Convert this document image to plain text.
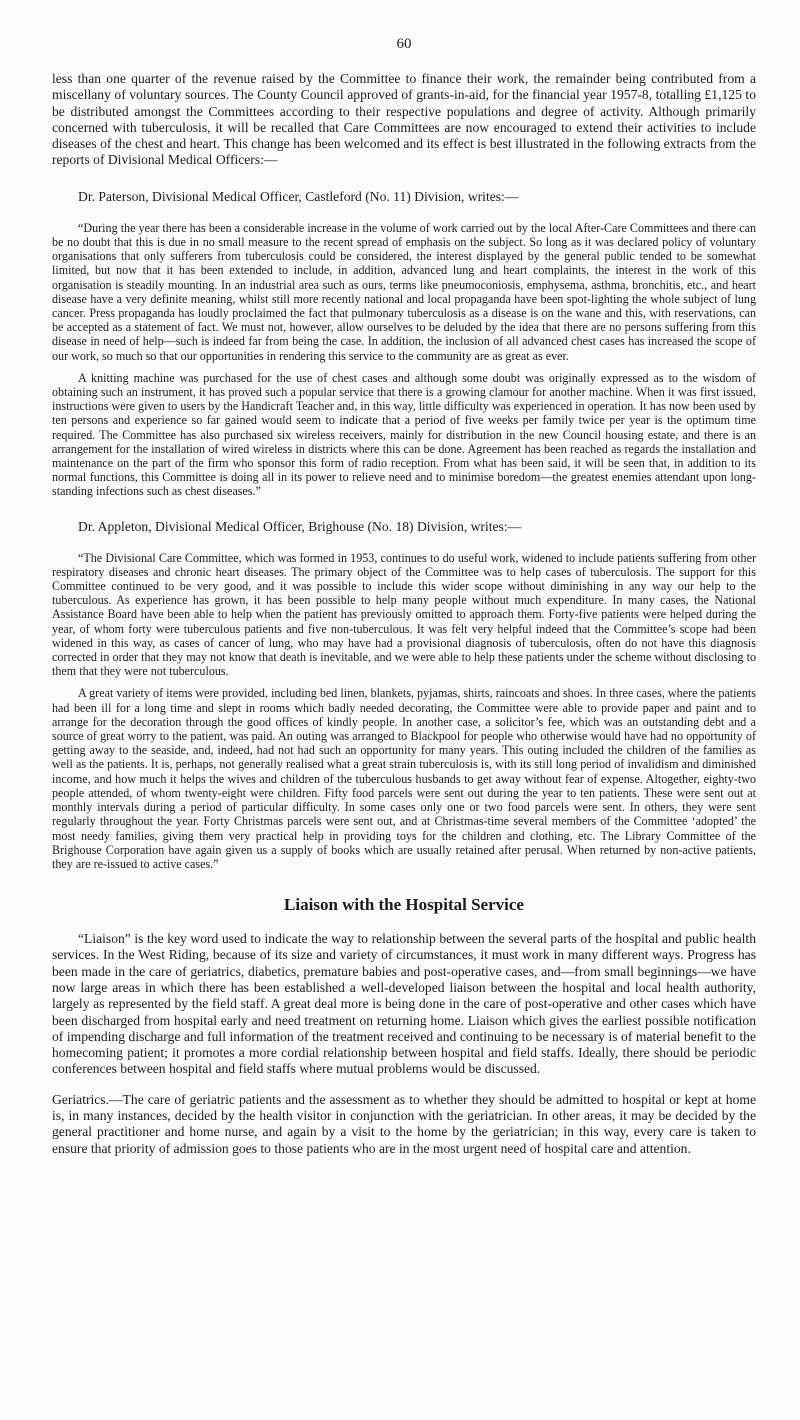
60

less than one quarter of the revenue raised by the Committee to finance their work, the remainder being contributed from a miscellany of voluntary sources. The County Council approved of grants-in-aid, for the financial year 1957-8, totalling £1,125 to be distributed amongst the Committees according to their respective populations and degree of activity. Although primarily concerned with tuberculosis, it will be recalled that Care Committees are now encouraged to extend their activities to include diseases of the chest and heart. This change has been welcomed and its effect is best illustrated in the following extracts from the reports of Divisional Medical Officers:—

Dr. Paterson, Divisional Medical Officer, Castleford (No. 11) Division, writes:—

“During the year there has been a considerable increase in the volume of work carried out by the local After-Care Committees and there can be no doubt that this is due in no small measure to the recent spread of emphasis on the subject. So long as it was declared policy of voluntary organisations that only sufferers from tuberculosis could be considered, the interest displayed by the general public tended to be somewhat limited, but now that it has been extended to include, in addition, advanced lung and heart complaints, the interest in the work of this organisation is steadily mounting. In an industrial area such as ours, terms like pneumoconiosis, emphysema, asthma, bronchitis, etc., and heart disease have a very definite meaning, whilst still more recently national and local propaganda have been spot-lighting the whole subject of lung cancer. Press propaganda has loudly proclaimed the fact that pulmonary tuberculosis as a disease is on the wane and this, with reservations, can be accepted as a statement of fact. We must not, however, allow ourselves to be deluded by the idea that there are no persons suffering from this disease in need of help—such is indeed far from being the case. In addition, the inclusion of all advanced chest cases has increased the scope of our work, so much so that our opportunities in rendering this service to the community are as great as ever.

A knitting machine was purchased for the use of chest cases and although some doubt was originally expressed as to the wisdom of obtaining such an instrument, it has proved such a popular service that there is a growing clamour for another machine. When it was first issued, instructions were given to users by the Handicraft Teacher and, in this way, little difficulty was experienced in operation. It has now been used by ten persons and experience so far gained would seem to indicate that a period of five weeks per family twice per year is the optimum time required. The Committee has also purchased six wireless receivers, mainly for distribution in the new Council housing estate, and there is an arrangement for the installation of wired wireless in districts where this can be done. Agreement has been reached as regards the installation and maintenance on the part of the firm who sponsor this form of radio reception. From what has been said, it will be seen that, in addition to its normal functions, this Committee is doing all in its power to relieve need and to minimise boredom—the greatest enemies attendant upon long-standing infections such as chest diseases.”

Dr. Appleton, Divisional Medical Officer, Brighouse (No. 18) Division, writes:—

“The Divisional Care Committee, which was formed in 1953, continues to do useful work, widened to include patients suffering from other respiratory diseases and chronic heart diseases. The primary object of the Committee was to help cases of tuberculosis. The support for this Committee continued to be very good, and it was possible to include this wider scope without diminishing in any way our help to the tuberculous. As experience has grown, it has been possible to help many people without much expenditure. In many cases, the National Assistance Board have been able to help when the patient has previously omitted to approach them. Forty-five patients were helped during the year, of whom forty were tuberculous patients and five non-tuberculous. It was felt very helpful indeed that the Committee’s scope had been widened in this way, as cases of cancer of lung, who may have had a provisional diagnosis of tuberculosis, often do not have this diagnosis corrected in order that they may not know that death is inevitable, and we were able to help these patients under the scheme without disclosing to them that they were not tuberculous.

A great variety of items were provided, including bed linen, blankets, pyjamas, shirts, raincoats and shoes. In three cases, where the patients had been ill for a long time and slept in rooms which badly needed decorating, the Committee were able to provide paper and paint and to arrange for the decoration through the good offices of kindly people. In another case, a solicitor’s fee, which was an outstanding debt and a source of great worry to the patient, was paid. An outing was arranged to Blackpool for people who otherwise would have had no opportunity of getting away to the seaside, and, indeed, had not had such an opportunity for many years. This outing included the children of the families as well as the patients. It is, perhaps, not generally realised what a great strain tuberculosis is, with its still long period of invalidism and diminished income, and how much it helps the wives and children of the tuberculous husbands to get away without fear of expense. Altogether, eighty-two people attended, of whom twenty-eight were children. Fifty food parcels were sent out during the year to ten patients. These were sent out at monthly intervals during a period of particular difficulty. In some cases only one or two food parcels were sent. In others, they were sent regularly throughout the year. Forty Christmas parcels were sent out, and at Christmas-time several members of the Committee ‘adopted’ the most needy families, giving them very practical help in providing toys for the children and clothing, etc. The Library Committee of the Brighouse Corporation have again given us a supply of books which are usually retained after perusal. When returned by non-active patients, they are re-issued to active cases.”

Liaison with the Hospital Service

“Liaison” is the key word used to indicate the way to relationship between the several parts of the hospital and public health services. In the West Riding, because of its size and variety of circumstances, it must work in many different ways. Progress has been made in the care of geriatrics, diabetics, premature babies and post-operative cases, and—from small beginnings—we have now large areas in which there has been established a well-developed liaison between the hospital and local health authority, largely as represented by the field staff. A great deal more is being done in the care of post-operative and other cases which have been discharged from hospital early and need treatment on returning home. Liaison which gives the earliest possible notification of impending discharge and full information of the treatment received and continuing to be necessary is of material benefit to the homecoming patient; it promotes a more cordial relationship between hospital and field staffs. Ideally, there should be periodic conferences between hospital and field staffs where mutual problems would be discussed.

Geriatrics.—The care of geriatric patients and the assessment as to whether they should be admitted to hospital or kept at home is, in many instances, decided by the health visitor in conjunction with the geriatrician. In other areas, it may be decided by the general practitioner and home nurse, and again by a visit to the home by the geriatrician; in this way, every care is taken to ensure that priority of admission goes to those patients who are in the most urgent need of hospital care and attention.
